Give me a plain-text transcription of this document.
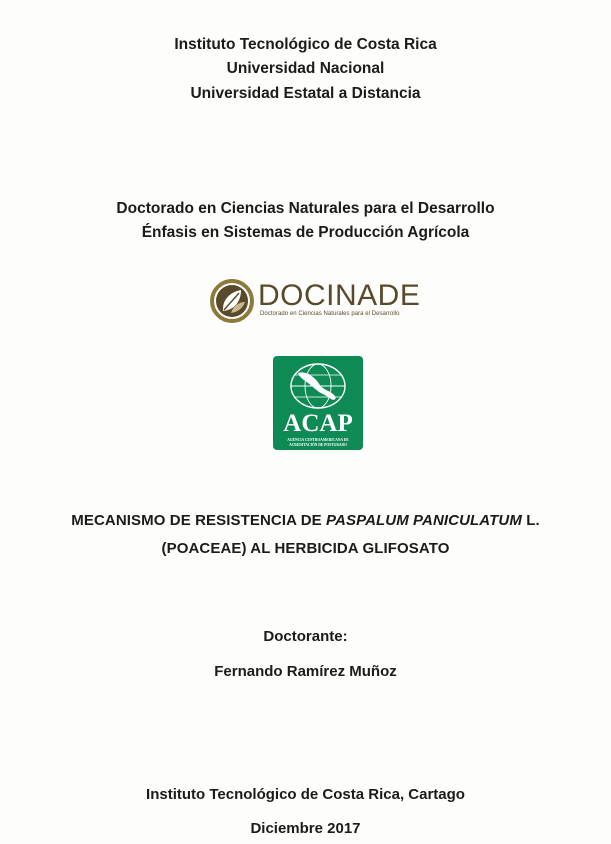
Instituto Tecnológico de Costa Rica
Universidad Nacional
Universidad Estatal a Distancia
Doctorado en Ciencias Naturales para el Desarrollo
Énfasis en Sistemas de Producción Agrícola
DOCINADE
Doctorado en Ciencias Naturales para el Desarrollo
ACAP
AGENCIA CENTROAMERICANA DE
ACREDITACIÓN DE POSTGRADO
MECANISMO DE RESISTENCIA DE PASPALUM PANICULATUM L.
(POACEAE) AL HERBICIDA GLIFOSATO
Doctorante:
Fernando Ramírez Muñoz
Instituto Tecnológico de Costa Rica, Cartago
Diciembre 2017
